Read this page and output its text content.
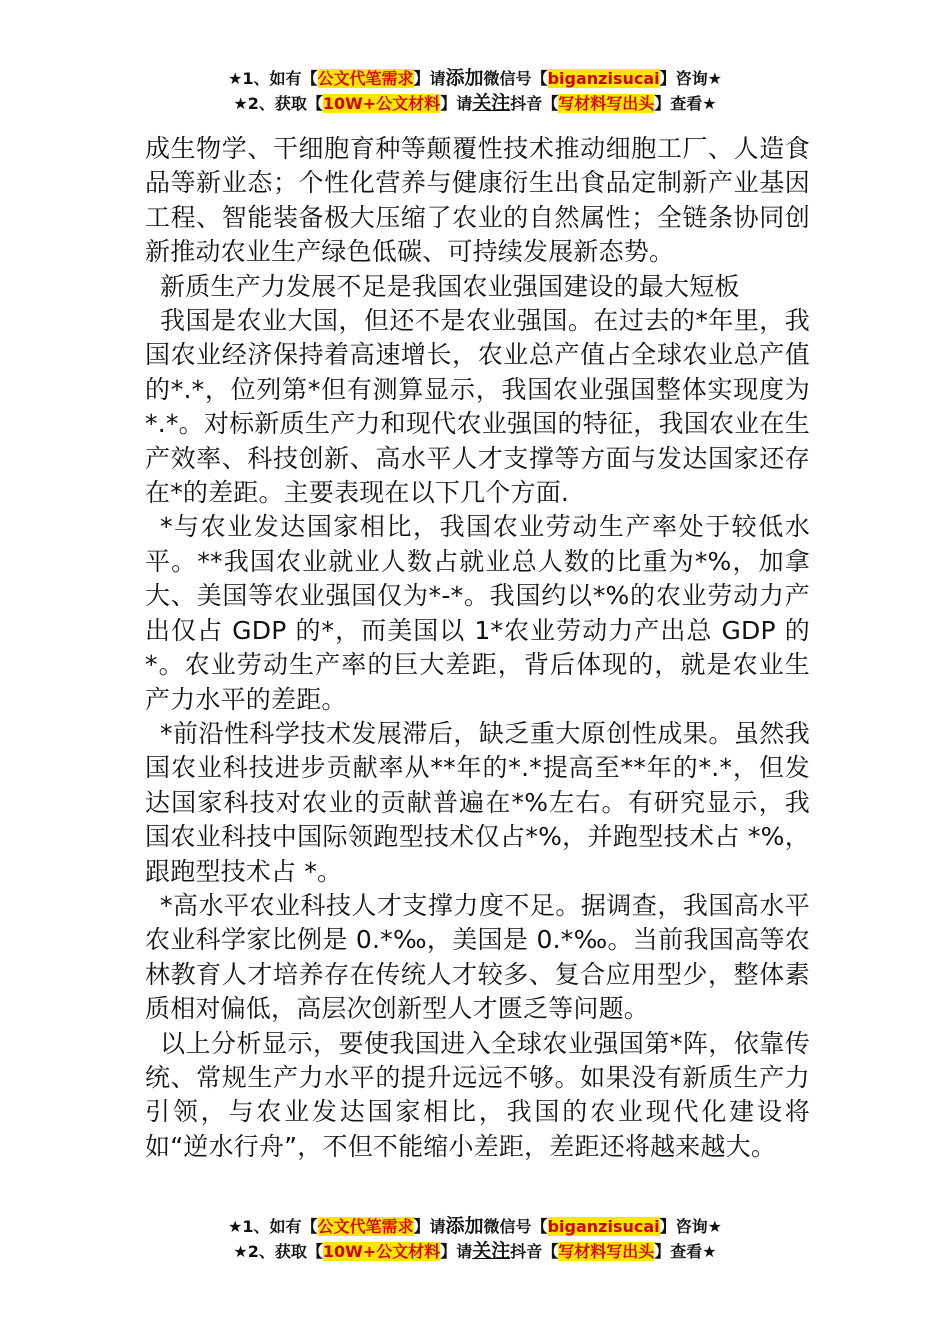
★1、如有【公文代笔需求】请添加微信号【biganzisucai】咨询★
★2、获取【10W+公文材料】请关注抖音【写材料写出头】查看★

成生物学、干细胞育种等颠覆性技术推动细胞工厂、人造食品等新业态；个性化营养与健康衍生出食品定制新产业基因工程、智能装备极大压缩了农业的自然属性；全链条协同创新推动农业生产绿色低碳、可持续发展新态势。

新质生产力发展不足是我国农业强国建设的最大短板

我国是农业大国，但还不是农业强国。在过去的*年里，我国农业经济保持着高速增长，农业总产值占全球农业总产值的*.*，位列第*但有测算显示，我国农业强国整体实现度为*.*。对标新质生产力和现代农业强国的特征，我国农业在生产效率、科技创新、高水平人才支撑等方面与发达国家还存在*的差距。主要表现在以下几个方面.

*与农业发达国家相比，我国农业劳动生产率处于较低水平。**我国农业就业人数占就业总人数的比重为*%，加拿大、美国等农业强国仅为*-*。我国约以*%的农业劳动力产出仅占 GDP 的*，而美国以 1*农业劳动力产出总 GDP 的*。农业劳动生产率的巨大差距，背后体现的，就是农业生产力水平的差距。

*前沿性科学技术发展滞后，缺乏重大原创性成果。虽然我国农业科技进步贡献率从**年的*.*提高至**年的*.*，但发达国家科技对农业的贡献普遍在*%左右。有研究显示，我国农业科技中国际领跑型技术仅占*%，并跑型技术占 *%，跟跑型技术占 *。

*高水平农业科技人才支撑力度不足。据调查，我国高水平农业科学家比例是 0.*‰，美国是 0.*‰。当前我国高等农林教育人才培养存在传统人才较多、复合应用型少，整体素质相对偏低，高层次创新型人才匮乏等问题。

以上分析显示，要使我国进入全球农业强国第*阵，依靠传统、常规生产力水平的提升远远不够。如果没有新质生产力引领，与农业发达国家相比，我国的农业现代化建设将如“逆水行舟”，不但不能缩小差距，差距还将越来越大。

★1、如有【公文代笔需求】请添加微信号【biganzisucai】咨询★
★2、获取【10W+公文材料】请关注抖音【写材料写出头】查看★
